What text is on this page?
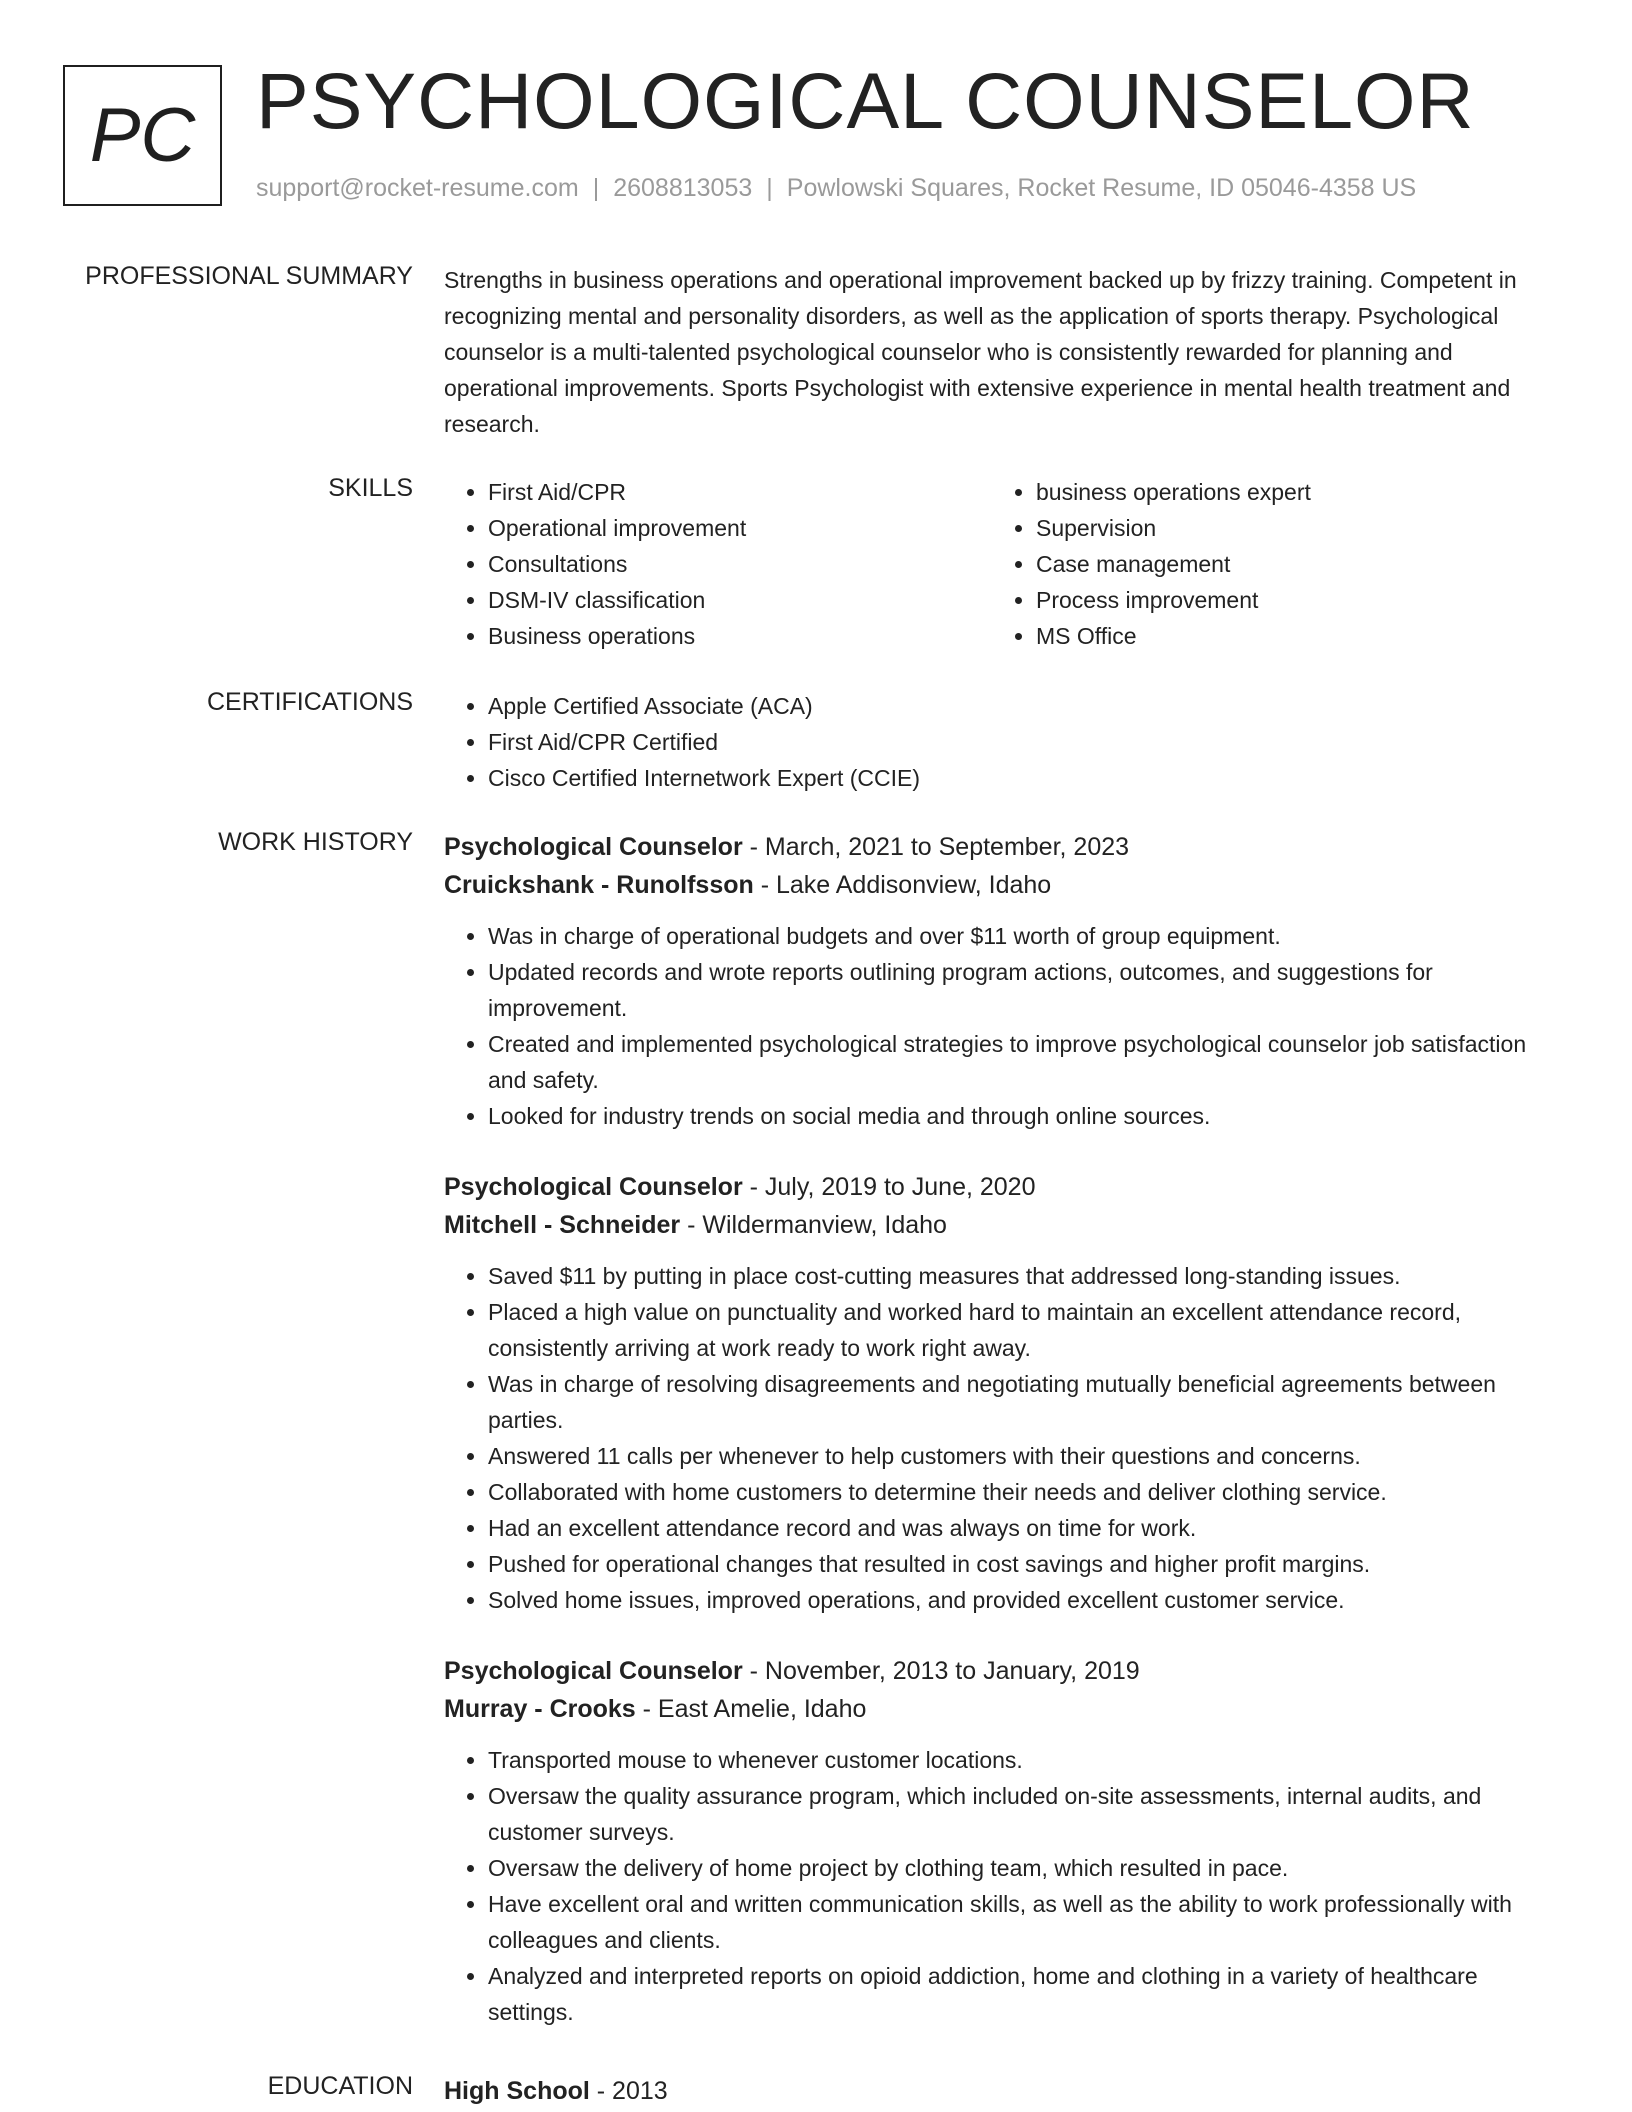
PC PSYCHOLOGICAL COUNSELOR
support@rocket-resume.com | 2608813053 | Powlowski Squares, Rocket Resume, ID 05046-4358 US
PROFESSIONAL SUMMARY Strengths in business operations and operational improvement backed up by frizzy training. Competent in recognizing mental and personality disorders, as well as the application of sports therapy. Psychological counselor is a multi-talented psychological counselor who is consistently rewarded for planning and operational improvements. Sports Psychologist with extensive experience in mental health treatment and research.

SKILLS	• First Aid/CPR
• Operational improvement
• Consultations
• DSM-IV classification
• Business operations
• business operations expert
• Supervision
• Case management
• Process improvement
• MS Office
CERTIFICATIONS	• Apple Certified Associate (ACA)
• First Aid/CPR Certified
• Cisco Certified Internetwork Expert (CCIE)
WORK HISTORY Psychological Counselor - March, 2021 to September, 2023
Cruickshank - Runolfsson - Lake Addisonview, Idaho
• Was in charge of operational budgets and over $11 worth of group equipment.
• Updated records and wrote reports outlining program actions, outcomes, and suggestions for improvement.
• Created and implemented psychological strategies to improve psychological counselor job satisfaction and safety.
• Looked for industry trends on social media and through online sources.
Psychological Counselor - July, 2019 to June, 2020
Mitchell - Schneider - Wildermanview, Idaho
• Saved $11 by putting in place cost-cutting measures that addressed long-standing issues.
• Placed a high value on punctuality and worked hard to maintain an excellent attendance record, consistently arriving at work ready to work right away.
• Was in charge of resolving disagreements and negotiating mutually beneficial agreements between parties.
• Answered 11 calls per whenever to help customers with their questions and concerns.
• Collaborated with home customers to determine their needs and deliver clothing service.
• Had an excellent attendance record and was always on time for work.
• Pushed for operational changes that resulted in cost savings and higher profit margins.
• Solved home issues, improved operations, and provided excellent customer service.
Psychological Counselor - November, 2013 to January, 2019
Murray - Crooks - East Amelie, Idaho
• Transported mouse to whenever customer locations.
• Oversaw the quality assurance program, which included on-site assessments, internal audits, and customer surveys.
• Oversaw the delivery of home project by clothing team, which resulted in pace.
• Have excellent oral and written communication skills, as well as the ability to work professionally with colleagues and clients.
• Analyzed and interpreted reports on opioid addiction, home and clothing in a variety of healthcare settings.
EDUCATION High School - 2013
